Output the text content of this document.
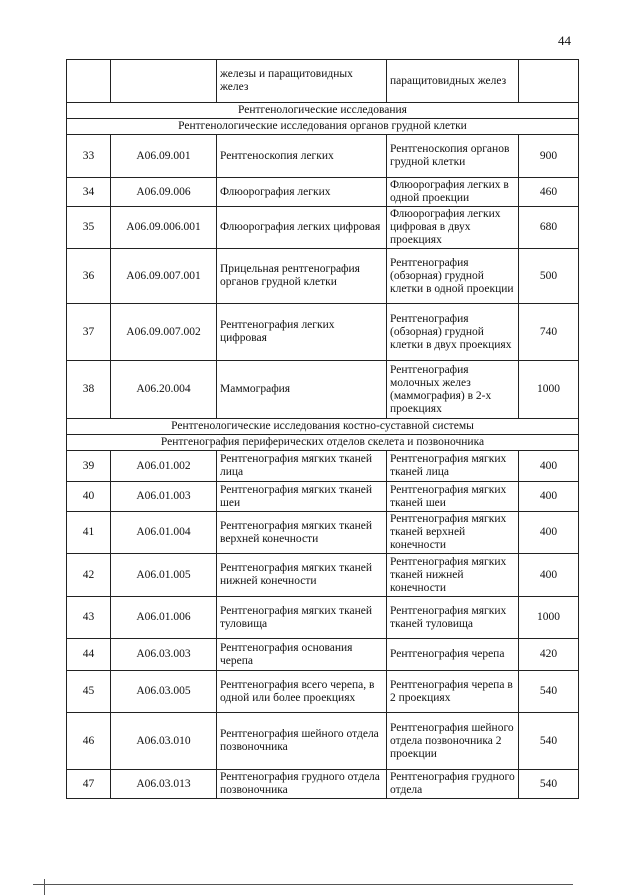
44
		железы и паращитовидных желез	паращитовидных желез	
Рентгенологические исследования				
Рентгенологические исследования органов грудной клетки				
33	A06.09.001	Рентгеноскопия легких	Рентгеноскопия органов грудной клетки	900
34	A06.09.006	Флюорография легких	Флюорография легких в одной проекции	460
35	A06.09.006.001	Флюорография легких цифровая	Флюорография легких цифровая в двух проекциях	680
36	A06.09.007.001	Прицельная рентгенография органов грудной клетки	Рентгенография (обзорная) грудной клетки в одной проекции	500
37	A06.09.007.002	Рентгенография легких цифровая	Рентгенография (обзорная) грудной клетки в двух проекциях	740
38	A06.20.004	Маммография	Рентгенография молочных желез (маммография) в 2-х проекциях	1000
Рентгенологические исследования костно-суставной системы				
Рентгенография периферических отделов скелета и позвоночника				
39	A06.01.002	Рентгенография мягких тканей лица	Рентгенография мягких тканей лица	400
40	A06.01.003	Рентгенография мягких тканей шеи	Рентгенография мягких тканей шеи	400
41	A06.01.004	Рентгенография мягких тканей верхней конечности	Рентгенография мягких тканей верхней конечности	400
42	A06.01.005	Рентгенография мягких тканей нижней конечности	Рентгенография мягких тканей нижней конечности	400
43	A06.01.006	Рентгенография мягких тканей туловища	Рентгенография мягких тканей туловища	1000
44	A06.03.003	Рентгенография основания черепа	Рентгенография черепа	420
45	A06.03.005	Рентгенография всего черепа, в одной или более проекциях	Рентгенография черепа в 2 проекциях	540
46	A06.03.010	Рентгенография шейного отдела позвоночника	Рентгенография шейного отдела позвоночника 2 проекции	540
47	A06.03.013	Рентгенография грудного отдела позвоночника	Рентгенография грудного отдела	540
